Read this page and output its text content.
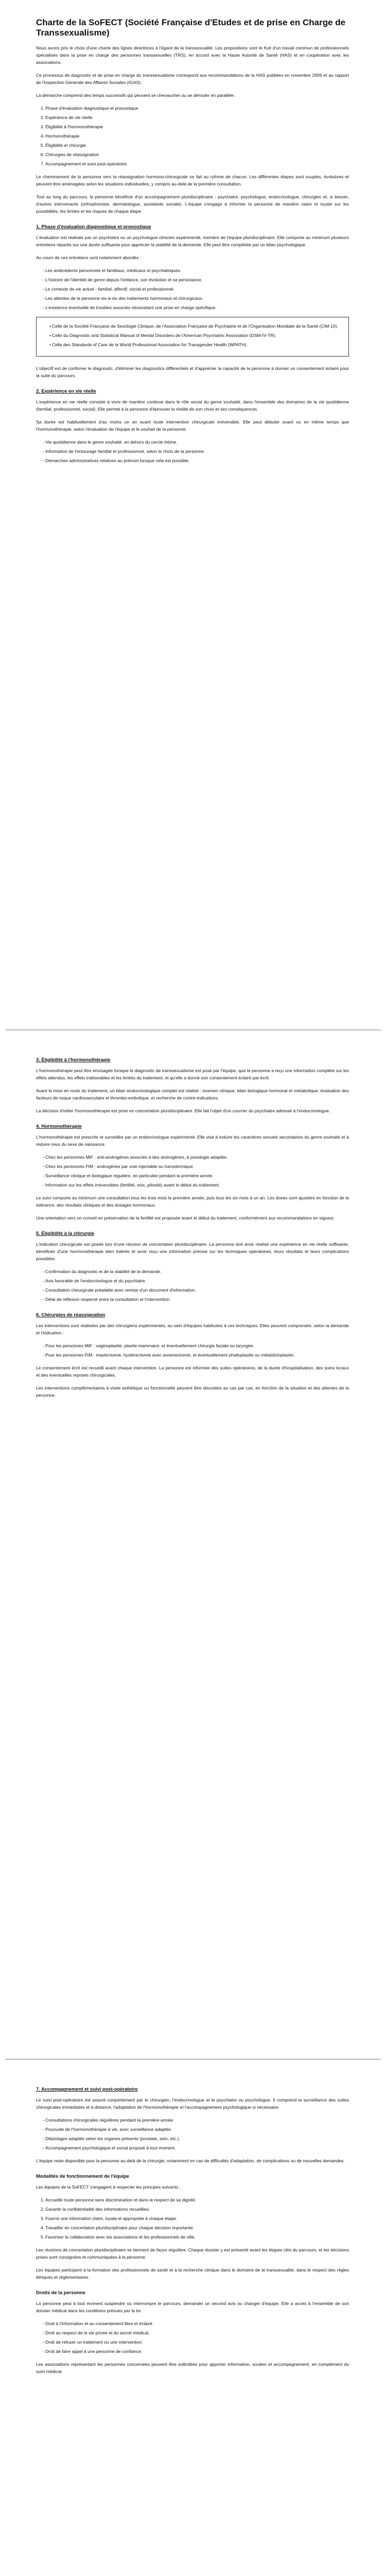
Charte de la SoFECT (Société Française d'Etudes et de prise en Charge de Transsexualisme)

Nous avons pris le choix d'une charte des lignes directrices à l'égard de la transsexualité. Les propositions sont le fruit d'un travail commun de professionnels spécialisés dans la prise en charge des personnes transsexuelles (TRS), en accord avec la Haute Autorité de Santé (HAS) et en coopération avec les associations.

Ce processus de diagnostic et de prise en charge du transsexualisme correspond aux recommandations de la HAS publiées en novembre 2009 et au rapport de l'Inspection Générale des Affaires Sociales (IGAS).

La démarche comprend des temps successifs qui peuvent se chevaucher ou se dérouler en parallèle :

1. Phase d'évaluation diagnostique et pronostique
2. Expérience de vie réelle
3. Éligibilité à l'hormonothérapie
4. Hormonothérapie
5. Éligibilité et chirurgie
6. Chirurgies de réassignation
7. Accompagnement et suivi post-opératoire

Le cheminement de la personne vers la réassignation hormono-chirurgicale se fait au rythme de chacun. Les différentes étapes sont souples, évolutives et peuvent être aménagées selon les situations individuelles, y compris au-delà de la première consultation.

Tout au long du parcours, la personne bénéficie d'un accompagnement pluridisciplinaire : psychiatre, psychologue, endocrinologue, chirurgien et, si besoin, d'autres intervenants (orthophoniste, dermatologue, assistante sociale). L'équipe s'engage à informer la personne de manière claire et loyale sur les possibilités, les limites et les risques de chaque étape.

1. Phase d'évaluation diagnostique et pronostique

L'évaluation est réalisée par un psychiatre ou un psychologue clinicien expérimenté, membre de l'équipe pluridisciplinaire. Elle comporte au minimum plusieurs entretiens répartis sur une durée suffisante pour apprécier la stabilité de la demande. Elle peut être complétée par un bilan psychologique.

Au cours de ces entretiens sont notamment abordés :

- Les antécédents personnels et familiaux, médicaux et psychiatriques.
- L'histoire de l'identité de genre depuis l'enfance, son évolution et sa persistance.
- Le contexte de vie actuel : familial, affectif, social et professionnel.
- Les attentes de la personne vis-à-vis des traitements hormonaux et chirurgicaux.
- L'existence éventuelle de troubles associés nécessitant une prise en charge spécifique.
• Celle de la Société Française de Sexologie Clinique, de l'Association Française de Psychiatrie et de l'Organisation Mondiale de la Santé (CIM-10).
• Celle du Diagnostic and Statistical Manual of Mental Disorders de l'American Psychiatric Association (DSM-IV-TR).
• Celle des Standards of Care de la World Professional Association for Transgender Health (WPATH).

L'objectif est de confirmer le diagnostic, d'éliminer les diagnostics différentiels et d'apprécier la capacité de la personne à donner un consentement éclairé pour la suite du parcours.

2. Expérience en vie réelle

L'expérience en vie réelle consiste à vivre de manière continue dans le rôle social du genre souhaité, dans l'ensemble des domaines de la vie quotidienne (familial, professionnel, social). Elle permet à la personne d'éprouver la réalité de son choix et ses conséquences.

Sa durée est habituellement d'au moins un an avant toute intervention chirurgicale irréversible. Elle peut débuter avant ou en même temps que l'hormonothérapie, selon l'évaluation de l'équipe et le souhait de la personne.

- Vie quotidienne dans le genre souhaité, en dehors du cercle intime.
- Information de l'entourage familial et professionnel, selon le choix de la personne.
- Démarches administratives relatives au prénom lorsque cela est possible.
3. Éligibilité à l'hormonothérapie

L'hormonothérapie peut être envisagée lorsque le diagnostic de transsexualisme est posé par l'équipe, que la personne a reçu une information complète sur les effets attendus, les effets indésirables et les limites du traitement, et qu'elle a donné son consentement éclairé par écrit.

Avant la mise en route du traitement, un bilan endocrinologique complet est réalisé : examen clinique, bilan biologique hormonal et métabolique, évaluation des facteurs de risque cardiovasculaire et thrombo-embolique, et recherche de contre-indications.

La décision d'initier l'hormonothérapie est prise en concertation pluridisciplinaire. Elle fait l'objet d'un courrier du psychiatre adressé à l'endocrinologue.

4. Hormonothérapie

L'hormonothérapie est prescrite et surveillée par un endocrinologue expérimenté. Elle vise à induire les caractères sexuels secondaires du genre souhaité et à réduire ceux du sexe de naissance.

- Chez les personnes MtF : anti-androgènes associés à des œstrogènes, à posologie adaptée.
- Chez les personnes FtM : androgènes par voie injectable ou transdermique.
- Surveillance clinique et biologique régulière, en particulier pendant la première année.
- Information sur les effets irréversibles (fertilité, voix, pilosité) avant le début du traitement.

Le suivi comporte au minimum une consultation tous les trois mois la première année, puis tous les six mois à un an. Les doses sont ajustées en fonction de la tolérance, des résultats cliniques et des dosages hormonaux.

Une orientation vers un conseil en préservation de la fertilité est proposée avant le début du traitement, conformément aux recommandations en vigueur.

5. Éligibilité à la chirurgie

L'indication chirurgicale est posée lors d'une réunion de concertation pluridisciplinaire. La personne doit avoir réalisé une expérience en vie réelle suffisante, bénéficier d'une hormonothérapie bien tolérée et avoir reçu une information précise sur les techniques opératoires, leurs résultats et leurs complications possibles.

- Confirmation du diagnostic et de la stabilité de la demande.
- Avis favorable de l'endocrinologue et du psychiatre.
- Consultation chirurgicale préalable avec remise d'un document d'information.
- Délai de réflexion respecté entre la consultation et l'intervention.
6. Chirurgies de réassignation

Les interventions sont réalisées par des chirurgiens expérimentés, au sein d'équipes habituées à ces techniques. Elles peuvent comprendre, selon la demande et l'indication :

- Pour les personnes MtF : vaginoplastie, plastie mammaire, et éventuellement chirurgie faciale ou laryngée.
- Pour les personnes FtM : mastectomie, hystérectomie avec annexectomie, et éventuellement phalloplastie ou métaïdoïoplastie.

Le consentement écrit est recueilli avant chaque intervention. La personne est informée des suites opératoires, de la durée d'hospitalisation, des soins locaux et des éventuelles reprises chirurgicales.

Les interventions complémentaires à visée esthétique ou fonctionnelle peuvent être discutées au cas par cas, en fonction de la situation et des attentes de la personne.

7. Accompagnement et suivi post-opératoire

Le suivi post-opératoire est assuré conjointement par le chirurgien, l'endocrinologue et le psychiatre ou psychologue. Il comprend la surveillance des suites chirurgicales immédiates et à distance, l'adaptation de l'hormonothérapie et l'accompagnement psychologique si nécessaire.

- Consultations chirurgicales régulières pendant la première année.
- Poursuite de l'hormonothérapie à vie, avec surveillance adaptée.
- Dépistages adaptés selon les organes présents (prostate, sein, etc.).
- Accompagnement psychologique et social proposé à tout moment.

L'équipe reste disponible pour la personne au-delà de la chirurgie, notamment en cas de difficultés d'adaptation, de complications ou de nouvelles demandes.

Modalités de fonctionnement de l'équipe

Les équipes de la SoFECT s'engagent à respecter les principes suivants :

1. Accueillir toute personne sans discrimination et dans le respect de sa dignité.
2. Garantir la confidentialité des informations recueillies.
3. Fournir une information claire, loyale et appropriée à chaque étape.
4. Travailler en concertation pluridisciplinaire pour chaque décision importante.
5. Favoriser la collaboration avec les associations et les professionnels de ville.

Les réunions de concertation pluridisciplinaire se tiennent de façon régulière. Chaque dossier y est présenté avant les étapes clés du parcours, et les décisions prises sont consignées et communiquées à la personne.

Les équipes participent à la formation des professionnels de santé et à la recherche clinique dans le domaine de la transsexualité, dans le respect des règles éthiques et réglementaires.

Droits de la personne

La personne peut à tout moment suspendre ou interrompre le parcours, demander un second avis ou changer d'équipe. Elle a accès à l'ensemble de son dossier médical dans les conditions prévues par la loi.

- Droit à l'information et au consentement libre et éclairé.
- Droit au respect de la vie privée et du secret médical.
- Droit de refuser un traitement ou une intervention.
- Droit de faire appel à une personne de confiance.

Les associations représentant les personnes concernées peuvent être sollicitées pour apporter information, soutien et accompagnement, en complément du suivi médical.
